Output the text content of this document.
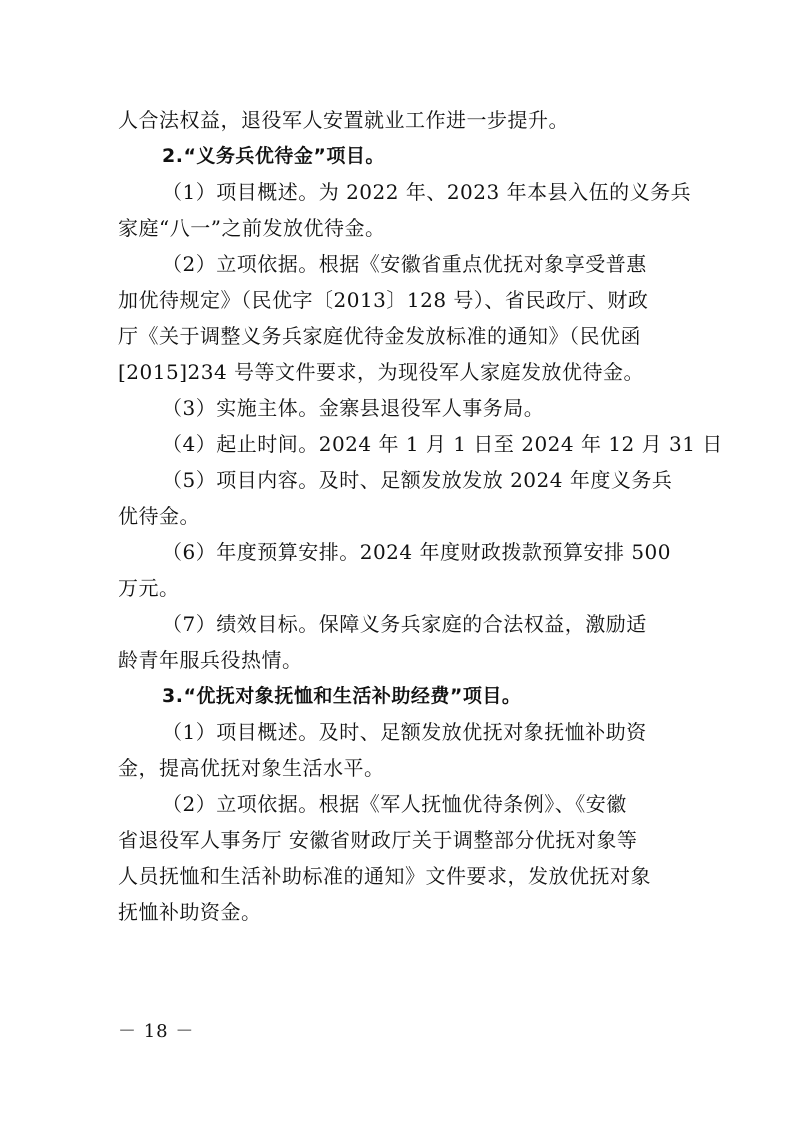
人合法权益，退役军人安置就业工作进一步提升。

2.“义务兵优待金”项目。

（1）项目概述。为 2022 年、2023 年本县入伍的义务兵

家庭“八一”之前发放优待金。

（2）立项依据。根据《安徽省重点优抚对象享受普惠

加优待规定》（民优字〔2013〕128 号）、省民政厅、财政

厅《关于调整义务兵家庭优待金发放标准的通知》（民优函

[2015]234 号等文件要求，为现役军人家庭发放优待金。

（3）实施主体。金寨县退役军人事务局。

（4）起止时间。2024 年 1 月 1 日至 2024 年 12 月 31 日

（5）项目内容。及时、足额发放发放 2024 年度义务兵

优待金。

（6）年度预算安排。2024 年度财政拨款预算安排 500

万元。

（7）绩效目标。保障义务兵家庭的合法权益，激励适

龄青年服兵役热情。

3.“优抚对象抚恤和生活补助经费”项目。

（1）项目概述。及时、足额发放优抚对象抚恤补助资

金，提高优抚对象生活水平。

（2）立项依据。根据《军人抚恤优待条例》、《安徽

省退役军人事务厅 安徽省财政厅关于调整部分优抚对象等

人员抚恤和生活补助标准的通知》文件要求，发放优抚对象

抚恤补助资金。

－ 18 －
